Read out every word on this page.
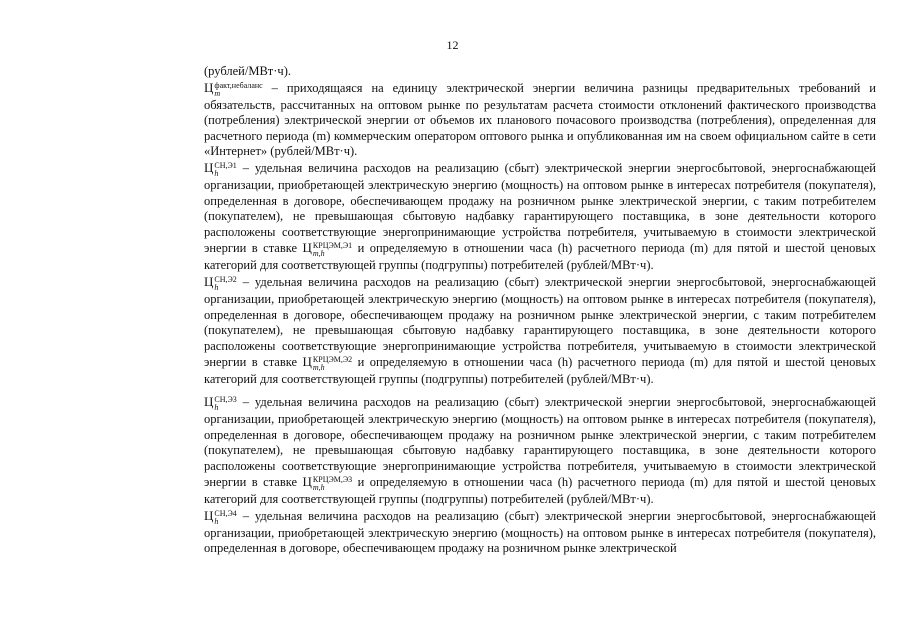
12

(рублей/МВт·ч).

Ц факт,небаланс
m	– приходящаяся на единицу электрической энергии величина разницы предварительных требований и обязательств, рассчитанных на оптовом рынке по результатам расчета стоимости отклонений фактического производства (потребления) электрической энергии от объемов их планового почасового производства (потребления), определенная для расчетного периода (m) коммерческим оператором оптового рынка и опубликованная им на своем официальном сайте в сети «Интернет» (рублей/МВт·ч).

Ц СН,Э1
h	– удельная величина расходов на реализацию (сбыт) электрической энергии энергосбытовой, энергоснабжающей организации, приобретающей электрическую энергию (мощность) на оптовом рынке в интересах потребителя (покупателя), определенная в договоре, обеспечивающем продажу на розничном рынке электрической энергии, с таким потребителем (покупателем), не превышающая сбытовую надбавку гарантирующего поставщика, в зоне деятельности которого расположены соответствующие энергопринимающие устройства потребителя, учитываемую в стоимости электрической энергии в ставке Ц КРЦЭМ,Э1
m,h	и определяемую в отношении часа (h) расчетного периода (m) для пятой и шестой ценовых категорий для соответствующей группы (подгруппы) потребителей (рублей/МВт·ч).

Ц СН,Э2
h	– удельная величина расходов на реализацию (сбыт) электрической энергии энергосбытовой, энергоснабжающей организации, приобретающей электрическую энергию (мощность) на оптовом рынке в интересах потребителя (покупателя), определенная в договоре, обеспечивающем продажу на розничном рынке электрической энергии, с таким потребителем (покупателем), не превышающая сбытовую надбавку гарантирующего поставщика, в зоне деятельности которого расположены соответствующие энергопринимающие устройства потребителя, учитываемую в стоимости электрической энергии в ставке Ц КРЦЭМ,Э2
m,h	и определяемую в отношении часа (h) расчетного периода (m) для пятой и шестой ценовых категорий для соответствующей группы (подгруппы) потребителей (рублей/МВт·ч).

Ц СН,Э3
h	– удельная величина расходов на реализацию (сбыт) электрической энергии энергосбытовой, энергоснабжающей организации, приобретающей электрическую энергию (мощность) на оптовом рынке в интересах потребителя (покупателя), определенная в договоре, обеспечивающем продажу на розничном рынке электрической энергии, с таким потребителем (покупателем), не превышающая сбытовую надбавку гарантирующего поставщика, в зоне деятельности которого расположены соответствующие энергопринимающие устройства потребителя, учитываемую в стоимости электрической энергии в ставке Ц КРЦЭМ,Э3
m,h	и определяемую в отношении часа (h) расчетного периода (m) для пятой и шестой ценовых категорий для соответствующей группы (подгруппы) потребителей (рублей/МВт·ч).

Ц СН,Э4
h	– удельная величина расходов на реализацию (сбыт) электрической энергии энергосбытовой, энергоснабжающей организации, приобретающей электрическую энергию (мощность) на оптовом рынке в интересах потребителя (покупателя), определенная в договоре, обеспечивающем продажу на розничном рынке электрической
